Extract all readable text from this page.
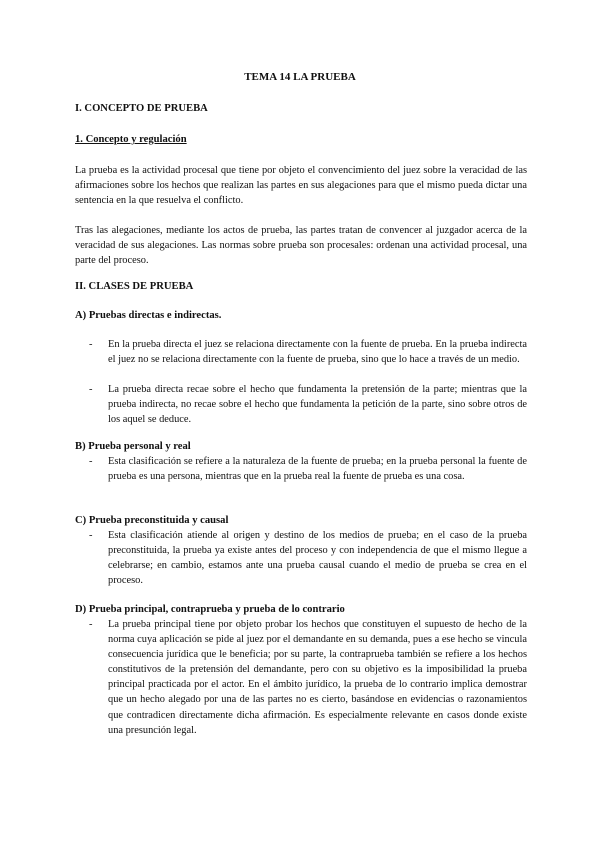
TEMA 14 LA PRUEBA
I. CONCEPTO DE PRUEBA
1. Concepto y regulación
La prueba es la actividad procesal que tiene por objeto el convencimiento del juez sobre la veracidad de las afirmaciones sobre los hechos que realizan las partes en sus alegaciones para que el mismo pueda dictar una sentencia en la que resuelva el conflicto.
Tras las alegaciones, mediante los actos de prueba, las partes tratan de convencer al juzgador acerca de la veracidad de sus alegaciones. Las normas sobre prueba son procesales: ordenan una actividad procesal, una parte del proceso.
II. CLASES DE PRUEBA
A) Pruebas directas e indirectas.
-	En la prueba directa el juez se relaciona directamente con la fuente de prueba. En la prueba indirecta el juez no se relaciona directamente con la fuente de prueba, sino que lo hace a través de un medio.
-	La prueba directa recae sobre el hecho que fundamenta la pretensión de la parte; mientras que la prueba indirecta, no recae sobre el hecho que fundamenta la petición de la parte, sino sobre otros de los aquel se deduce.
B) Prueba personal y real
-	Esta clasificación se refiere a la naturaleza de la fuente de prueba; en la prueba personal la fuente de prueba es una persona, mientras que en la prueba real la fuente de prueba es una cosa.
C) Prueba preconstituida y causal
-	Esta clasificación atiende al origen y destino de los medios de prueba; en el caso de la prueba preconstituida, la prueba ya existe antes del proceso y con independencia de que el mismo llegue a celebrarse; en cambio, estamos ante una prueba causal cuando el medio de prueba se crea en el proceso.
D) Prueba principal, contraprueba y prueba de lo contrario
-	La prueba principal tiene por objeto probar los hechos que constituyen el supuesto de hecho de la norma cuya aplicación se pide al juez por el demandante en su demanda, pues a ese hecho se vincula consecuencia jurídica que le beneficia; por su parte, la contraprueba también se refiere a los hechos constitutivos de la pretensión del demandante, pero con su objetivo es la imposibilidad la prueba principal practicada por el actor. En el ámbito jurídico, la prueba de lo contrario implica demostrar que un hecho alegado por una de las partes no es cierto, basándose en evidencias o razonamientos que contradicen directamente dicha afirmación. Es especialmente relevante en casos donde existe una presunción legal.
